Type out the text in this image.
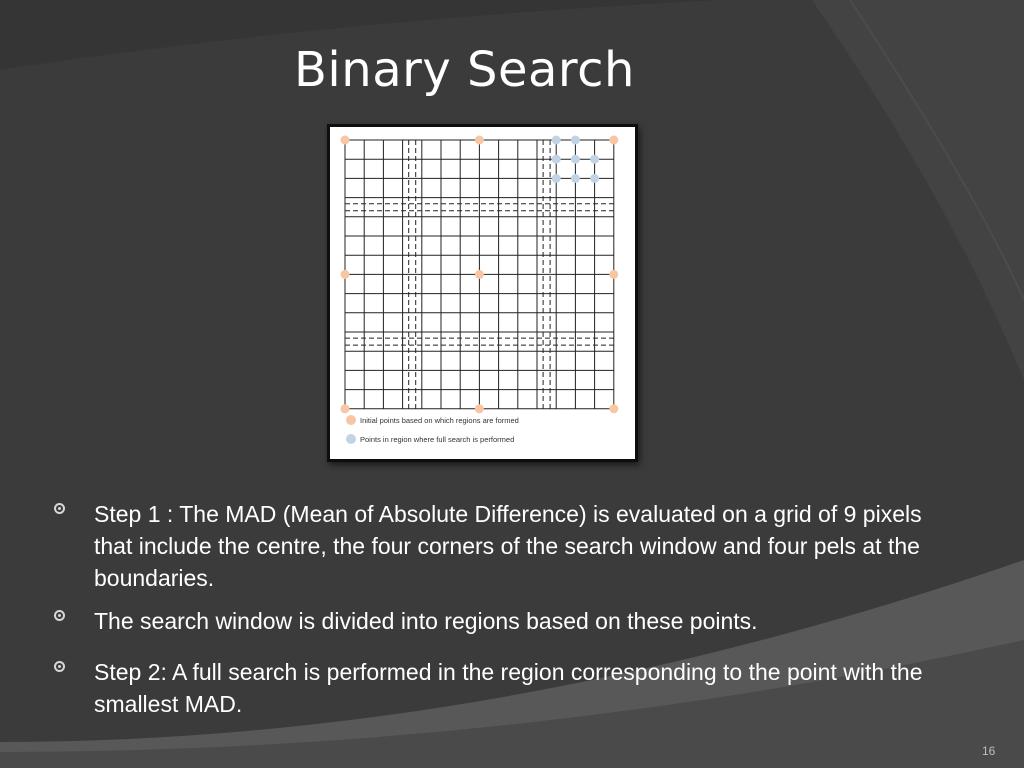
Binary Search
Initial points based on which regions are formed
Points in region where full search is performed
Step 1 : The MAD (Mean of Absolute Difference) is evaluated on a grid of 9 pixels that include the centre, the four corners of the search window and four pels at the boundaries.
The search window is divided into regions based on these points.
Step 2: A full search is performed in the region corresponding to the point with the smallest MAD.
16
